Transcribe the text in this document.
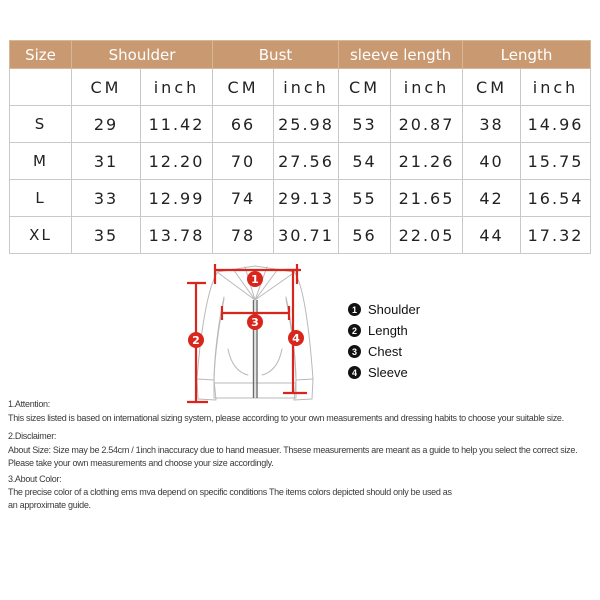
Size	Shoulder		Bust		sleeve length		Length	
	CM	inch	CM	inch	CM	inch	CM	inch
S	29	11.42	66	25.98	53	20.87	38	14.96
M	31	12.20	70	27.56	54	21.26	40	15.75
L	33	12.99	74	29.13	55	21.65	42	16.54
XL	35	13.78	78	30.71	56	22.05	44	17.32
1
2
3
4
1 Shoulder
2 Length
3 Chest
4 Sleeve
1.Attention:
This sizes listed is based on international sizing system, please according to your own measurements and dressing habits to choose your suitable size.
2.Disclaimer:
About Size: Size may be 2.54cm / 1inch inaccuracy due to hand measuer. Thsese measurements are meant as a guide to help you select the correct size.
Please take your own measurements and choose your size accordingly.
3.About Color:
The precise color of a clothing ems mva depend on specific conditions The items colors depicted should only be used as
an approximate guide.
